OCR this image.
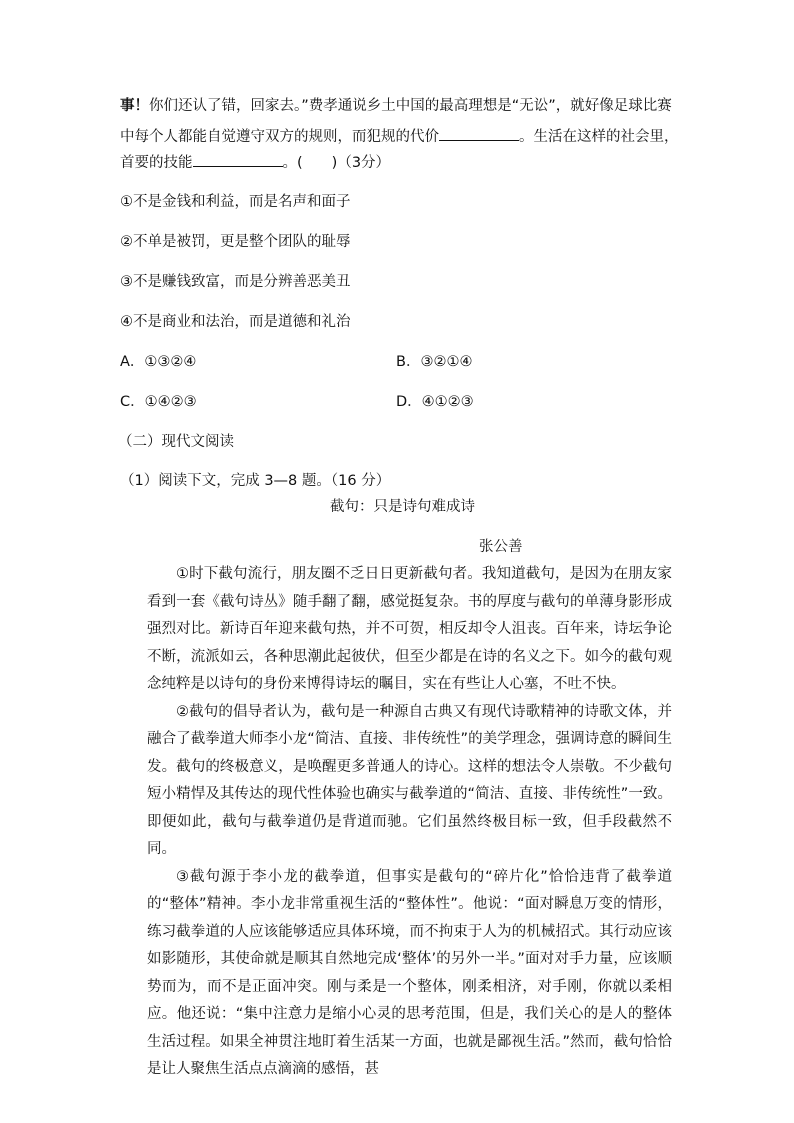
事！你们还认了错，回家去。”费孝通说乡土中国的最高理想是“无讼”，就好像足球比赛
中每个人都能自觉遵守双方的规则，而犯规的代价	。生活在这样的社会里，
首要的技能	。(　　)（3分）
①不是金钱和利益，而是名声和面子
②不单是被罚，更是整个团队的耻辱
③不是赚钱致富，而是分辨善恶美丑
④不是商业和法治，而是道德和礼治
A．①③②④	B．③②①④
C．①④②③	D．④①②③
（二）现代文阅读
（1）阅读下文，完成 3—8 题。（16 分）
截句：只是诗句难成诗
张公善

①时下截句流行，朋友圈不乏日日更新截句者。我知道截句，是因为在朋友家看到一套《截句诗丛》随手翻了翻，感觉挺复杂。书的厚度与截句的单薄身影形成强烈对比。新诗百年迎来截句热，并不可贺，相反却令人沮丧。百年来，诗坛争论不断，流派如云，各种思潮此起彼伏，但至少都是在诗的名义之下。如今的截句观念纯粹是以诗句的身份来博得诗坛的瞩目，实在有些让人心塞，不吐不快。

②截句的倡导者认为，截句是一种源自古典又有现代诗歌精神的诗歌文体，并融合了截拳道大师李小龙“简洁、直接、非传统性”的美学理念，强调诗意的瞬间生发。截句的终极意义，是唤醒更多普通人的诗心。这样的想法令人崇敬。不少截句短小精悍及其传达的现代性体验也确实与截拳道的“简洁、直接、非传统性”一致。即便如此，截句与截拳道仍是背道而驰。它们虽然终极目标一致，但手段截然不同。

③截句源于李小龙的截拳道，但事实是截句的“碎片化”恰恰违背了截拳道的“整体”精神。李小龙非常重视生活的“整体性”。他说：“面对瞬息万变的情形，练习截拳道的人应该能够适应具体环境，而不拘束于人为的机械招式。其行动应该如影随形，其使命就是顺其自然地完成‘整体’的另外一半。”面对对手力量，应该顺势而为，而不是正面冲突。刚与柔是一个整体，刚柔相济，对手刚，你就以柔相应。他还说：“集中注意力是缩小心灵的思考范围，但是，我们关心的是人的整体生活过程。如果全神贯注地盯着生活某一方面，也就是鄙视生活。”然而，截句恰恰是让人聚焦生活点点滴滴的感悟，甚
